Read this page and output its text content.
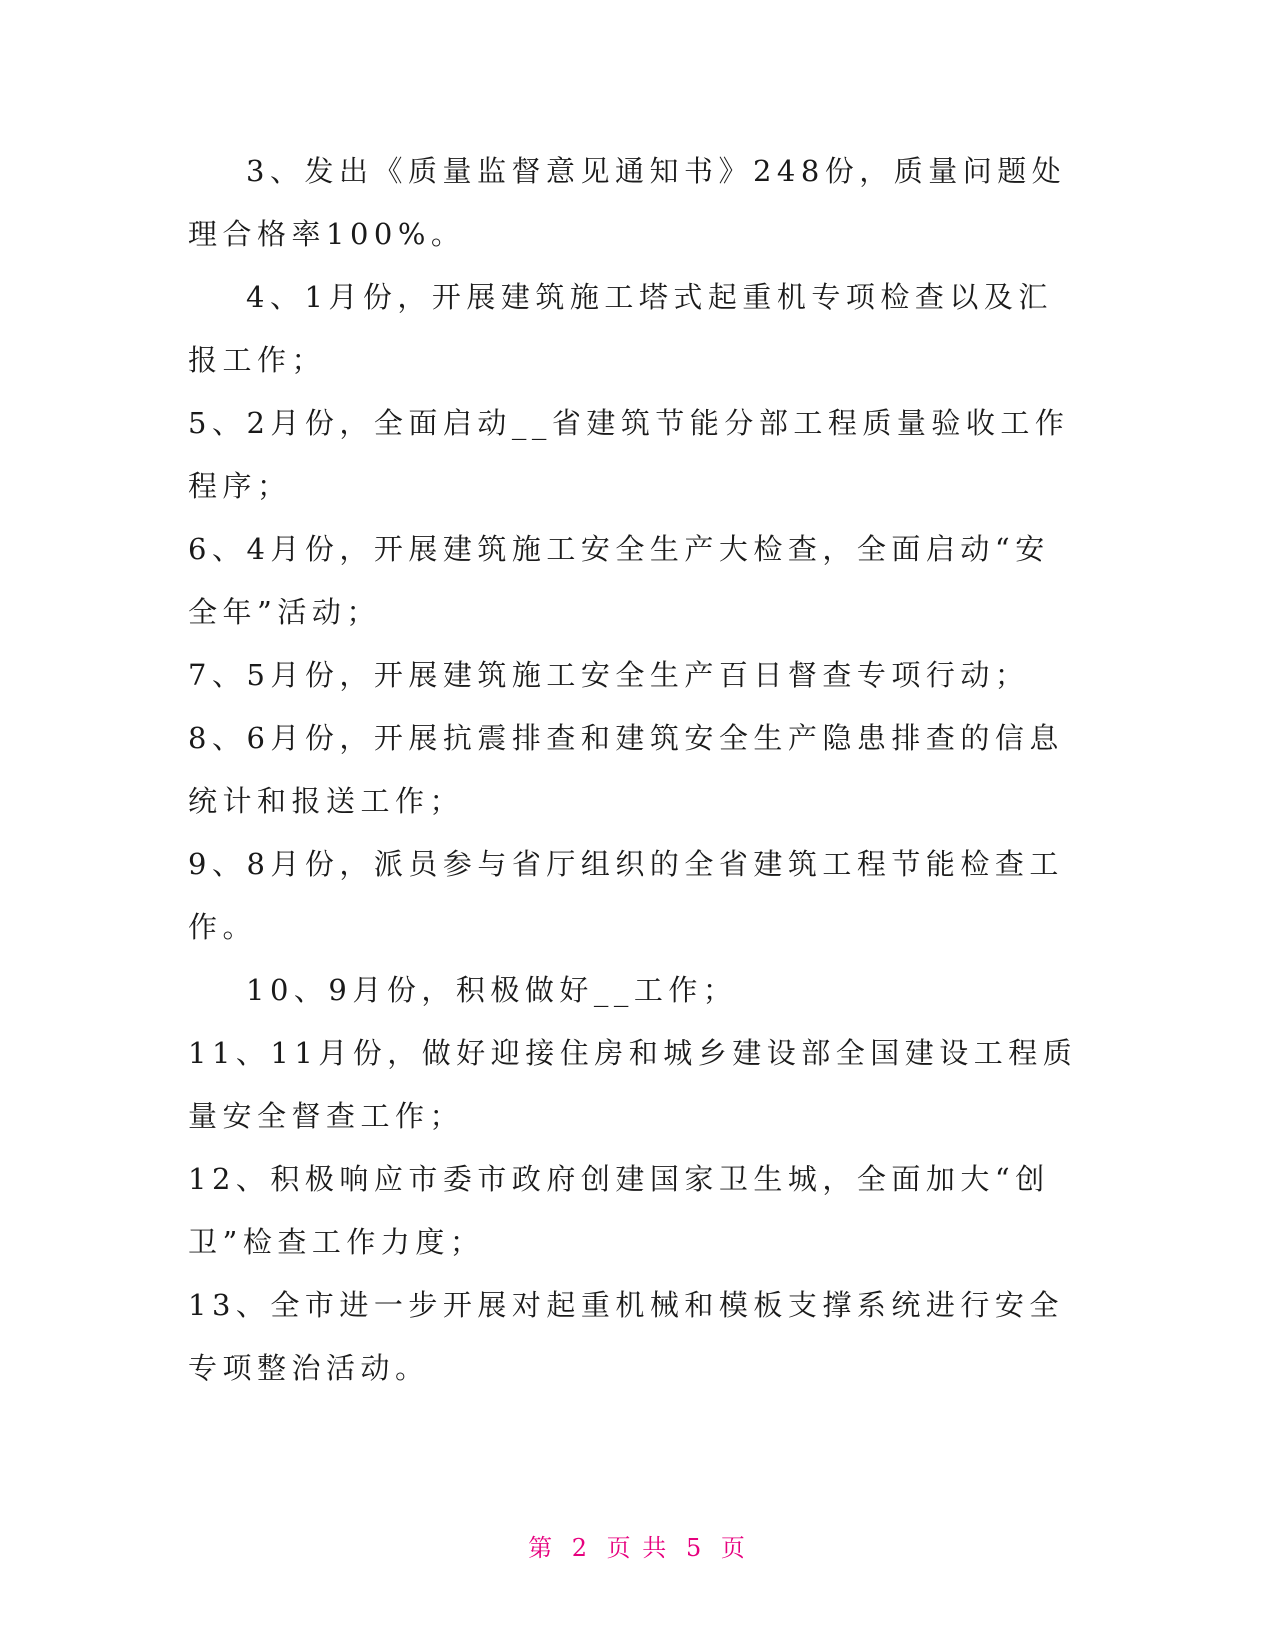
3、发出《质量监督意见通知书》248份，质量问题处理合格率100%。

4、1月份，开展建筑施工塔式起重机专项检查以及汇报工作；

5、2月份，全面启动__省建筑节能分部工程质量验收工作程序；

6、4月份，开展建筑施工安全生产大检查，全面启动“安全年”活动；

7、5月份，开展建筑施工安全生产百日督查专项行动；

8、6月份，开展抗震排查和建筑安全生产隐患排查的信息统计和报送工作；

9、8月份，派员参与省厅组织的全省建筑工程节能检查工作。

10、9月份，积极做好__工作；

11、11月份，做好迎接住房和城乡建设部全国建设工程质量安全督查工作；

12、积极响应市委市政府创建国家卫生城，全面加大“创卫”检查工作力度；

13、全市进一步开展对起重机械和模板支撑系统进行安全专项整治活动。

第 2 页 共 5 页
